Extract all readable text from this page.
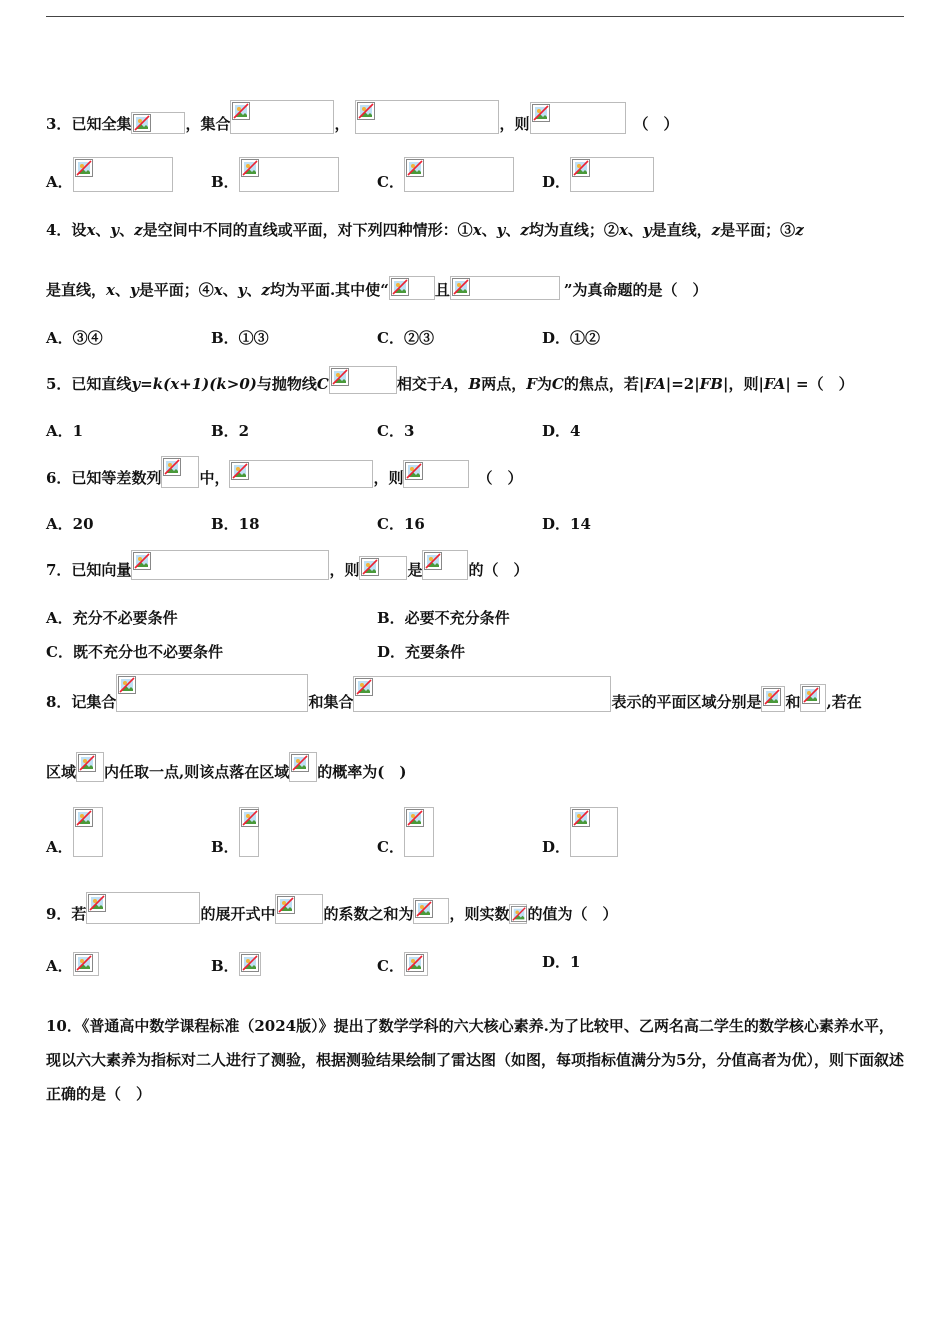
3． 已知全集	，集合	，	，则	（　）
A．	B．	C．	D．
4．设 x 、 y 、 z 是空间中不同的直线或平面，对下列四种情形：① x 、 y 、 z 均为直线；② x 、 y 是直线， z 是平面；③ z
是直线， x 、 y 是平面；④ x 、 y 、 z 均为平面.其中使 “	且	” 为真命题的是（　）
A．③④	B．①③	C．②③	D．①②
5．已知直线 y=k(x+1)(k>0) 与抛物线 C	相交于 A ， B 两点， F 为 C 的焦点，若| FA |=2| FB |，则| FA | =（　）
A．1	B．2	C．3	D．4
6．已知等差数列	中，	，则	（　）
A．20	B．18	C．16	D．14
7．已知向量	，则	是	的（　）
A．充分不必要条件	B．必要不充分条件
C．既不充分也不必要条件	D．充要条件
8．记集合	和集合	表示的平面区域分别是 和 ,若在
区域 内任取一点,则该点落在区域 的概率为(　)
A．	B．	C．	D．
9．若	的展开式中	的系数之和为 ，则实数 的值为（　）
A．	B．	C．	D．1
10．《普通高中数学课程标准（2024版）》提出了数学学科的六大核心素养.为了比较甲、乙两名高二学生的数学核心素养水平，现以六大素养为指标对二人进行了测验，根据测验结果绘制了雷达图（如图，每项指标值满分为5分，分值高者为优），则下面叙述正确的是（　）
